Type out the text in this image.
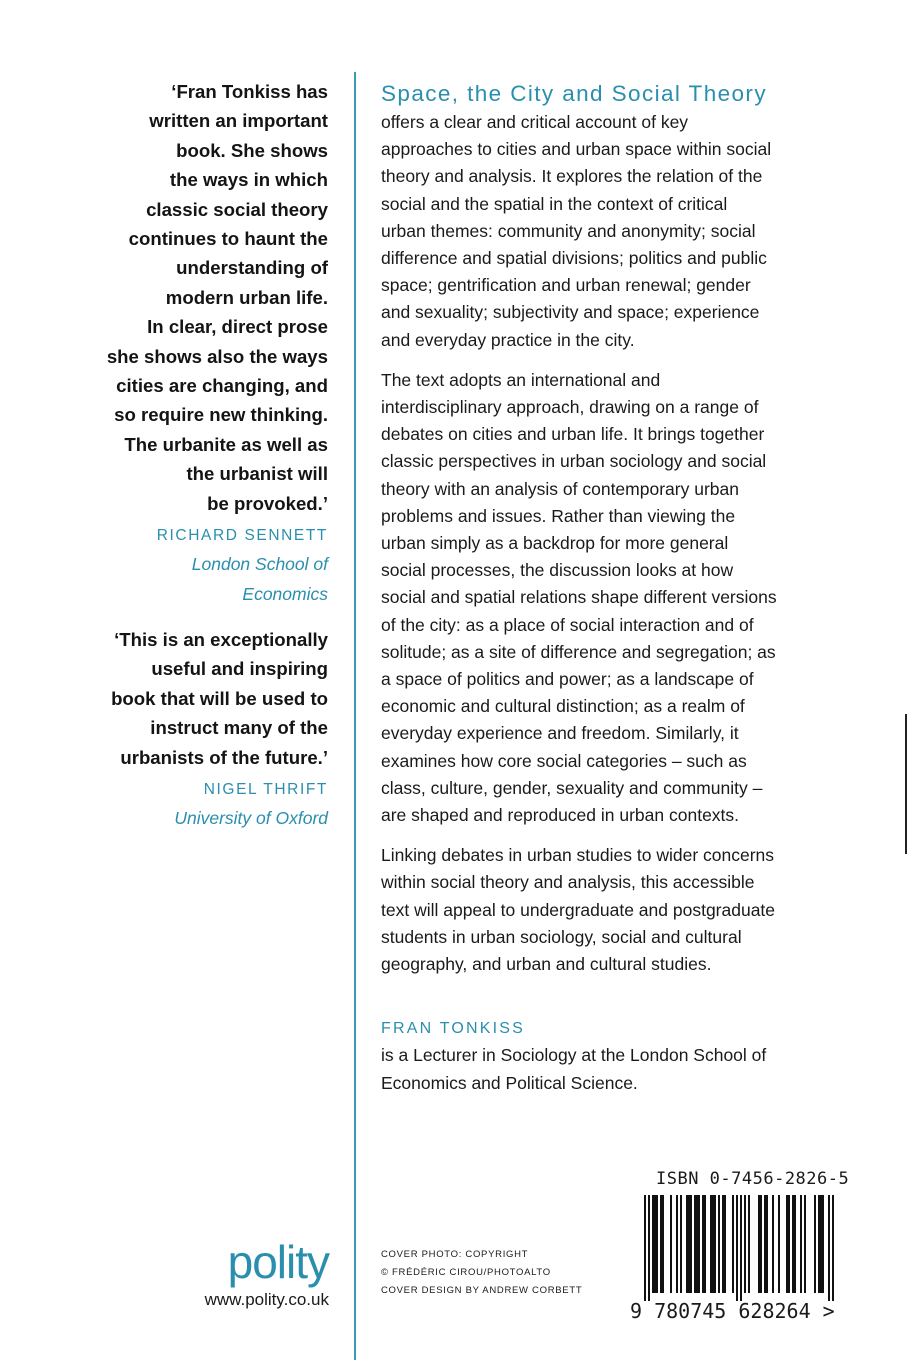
‘Fran Tonkiss has
written an important
book. She shows
the ways in which
classic social theory
continues to haunt the
understanding of
modern urban life.
In clear, direct prose
she shows also the ways
cities are changing, and
so require new thinking.
The urbanite as well as
the urbanist will
be provoked.’
RICHARD SENNETT
London School of
Economics
‘This is an exceptionally
useful and inspiring
book that will be used to
instruct many of the
urbanists of the future.’
NIGEL THRIFT
University of Oxford
polity
www.polity.co.uk
Space, the City and Social Theory
offers a clear and critical account of key
approaches to cities and urban space within social
theory and analysis. It explores the relation of the
social and the spatial in the context of critical
urban themes: community and anonymity; social
difference and spatial divisions; politics and public
space; gentrification and urban renewal; gender
and sexuality; subjectivity and space; experience
and everyday practice in the city.
The text adopts an international and
interdisciplinary approach, drawing on a range of
debates on cities and urban life. It brings together
classic perspectives in urban sociology and social
theory with an analysis of contemporary urban
problems and issues. Rather than viewing the
urban simply as a backdrop for more general
social processes, the discussion looks at how
social and spatial relations shape different versions
of the city: as a place of social interaction and of
solitude; as a site of difference and segregation; as
a space of politics and power; as a landscape of
economic and cultural distinction; as a realm of
everyday experience and freedom. Similarly, it
examines how core social categories – such as
class, culture, gender, sexuality and community –
are shaped and reproduced in urban contexts.
Linking debates in urban studies to wider concerns
within social theory and analysis, this accessible
text will appeal to undergraduate and postgraduate
students in urban sociology, social and cultural
geography, and urban and cultural studies.
FRAN TONKISS
is a Lecturer in Sociology at the London School of
Economics and Political Science.
COVER PHOTO: COPYRIGHT
© FRÉDÉRIC CIROU/PHOTOALTO
COVER DESIGN BY ANDREW CORBETT
ISBN 0-7456-2826-5
9 780745 628264 >
